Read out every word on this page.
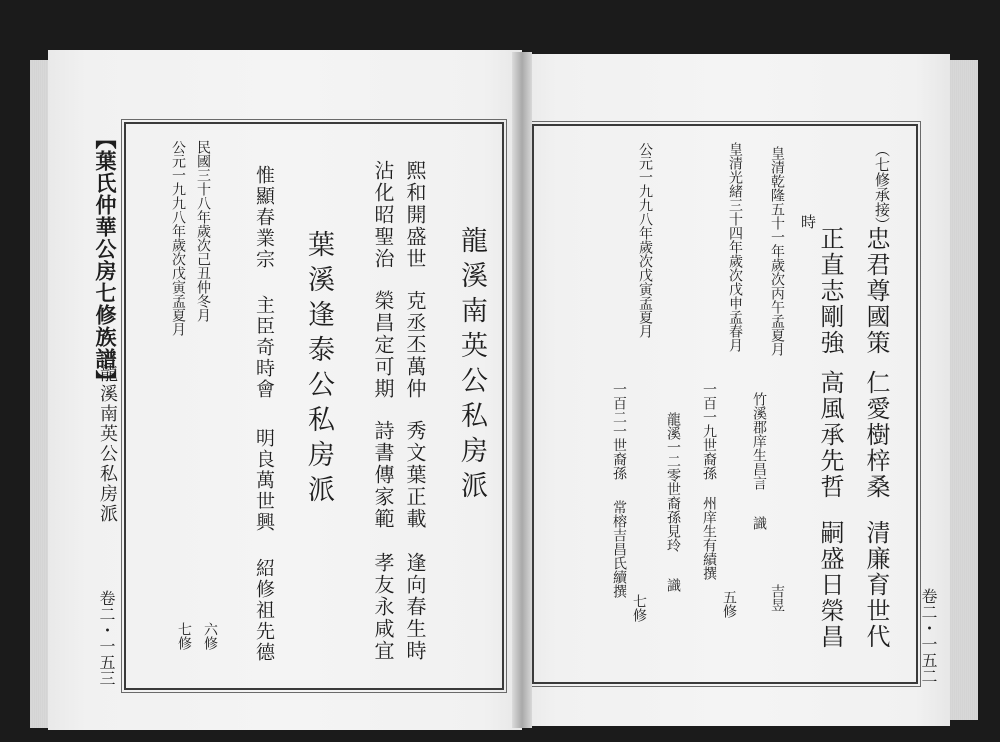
【葉氏仲華公房七修族譜】
龍溪南英公私房派
卷二・一五三
民國三十八年歲次己丑仲冬月
公元一九九八年歲次戊寅孟夏月
六修
七修
惟顯春業宗
主臣奇時會
明良萬世興
紹修祖先德
葉溪逢泰公私房派
熙和開盛世
沾化昭聖治
克丞丕萬仲
榮昌定可期
秀文葉正載
詩書傳家範
逢向春生時
孝友永咸宜
龍溪南英公私房派	公元一九九八年歲次戊寅孟夏月
一百二一世裔孫
常榕吉昌氏續撰	龍溪一二零世裔孫見玲
識
七修
一百一九世裔孫
州庠生有績撰
五修
皇清光緒三十四年歲次戊申孟春月
竹溪郡庠生昌言
識
吉昱
皇清乾隆五十一年歲次丙午孟夏月 時
正直志剛強
高風承先哲
嗣盛日榮昌
（七修承接）
忠君尊國策
仁愛樹梓桑
清廉育世代 卷二・一五二
